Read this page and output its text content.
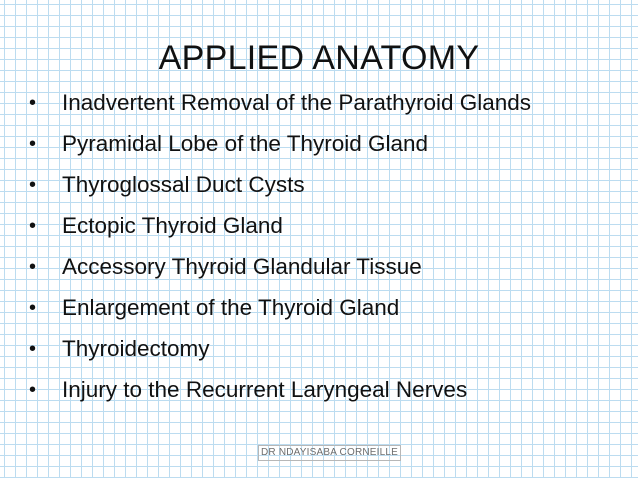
APPLIED ANATOMY
• Inadvertent Removal of the Parathyroid Glands
• Pyramidal Lobe of the Thyroid Gland
• Thyroglossal Duct Cysts
• Ectopic Thyroid Gland
• Accessory Thyroid Glandular Tissue
• Enlargement of the Thyroid Gland
• Thyroidectomy
• Injury to the Recurrent Laryngeal Nerves
DR NDAYISABA CORNEILLE
